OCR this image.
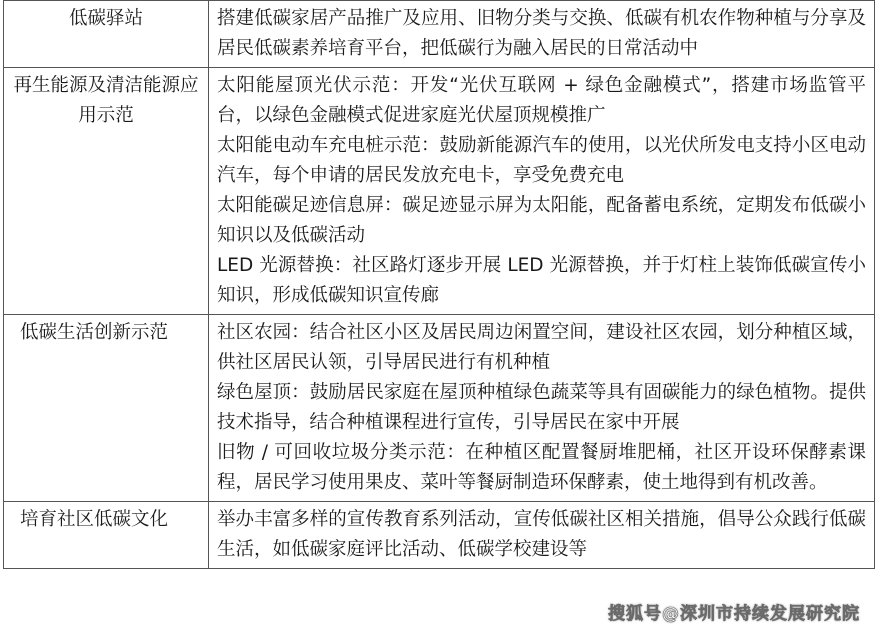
低碳驿站	搭建低碳家居产品推广及应用、旧物分类与交换、低碳有机农作物种植与分享及居民低碳素养培育平台，把低碳行为融入居民的日常活动中

再生能源及清洁能源应用示范	太阳能屋顶光伏示范：开发“光伏互联网 + 绿色金融模式”，搭建市场监管平台，以绿色金融模式促进家庭光伏屋顶规模推广

太阳能电动车充电桩示范：鼓励新能源汽车的使用，以光伏所发电支持小区电动汽车，每个申请的居民发放充电卡，享受免费充电

太阳能碳足迹信息屏：碳足迹显示屏为太阳能，配备蓄电系统，定期发布低碳小知识以及低碳活动

LED 光源替换：社区路灯逐步开展 LED 光源替换，并于灯柱上装饰低碳宣传小知识，形成低碳知识宣传廊

低碳生活创新示范	社区农园：结合社区小区及居民周边闲置空间，建设社区农园，划分种植区域，供社区居民认领，引导居民进行有机种植

绿色屋顶：鼓励居民家庭在屋顶种植绿色蔬菜等具有固碳能力的绿色植物。提供技术指导，结合种植课程进行宣传，引导居民在家中开展

旧物 / 可回收垃圾分类示范：在种植区配置餐厨堆肥桶，社区开设环保酵素课程，居民学习使用果皮、菜叶等餐厨制造环保酵素，使土地得到有机改善。

培育社区低碳文化	举办丰富多样的宣传教育系列活动，宣传低碳社区相关措施，倡导公众践行低碳生活，如低碳家庭评比活动、低碳学校建设等

搜狐号@深圳市持续发展研究院
